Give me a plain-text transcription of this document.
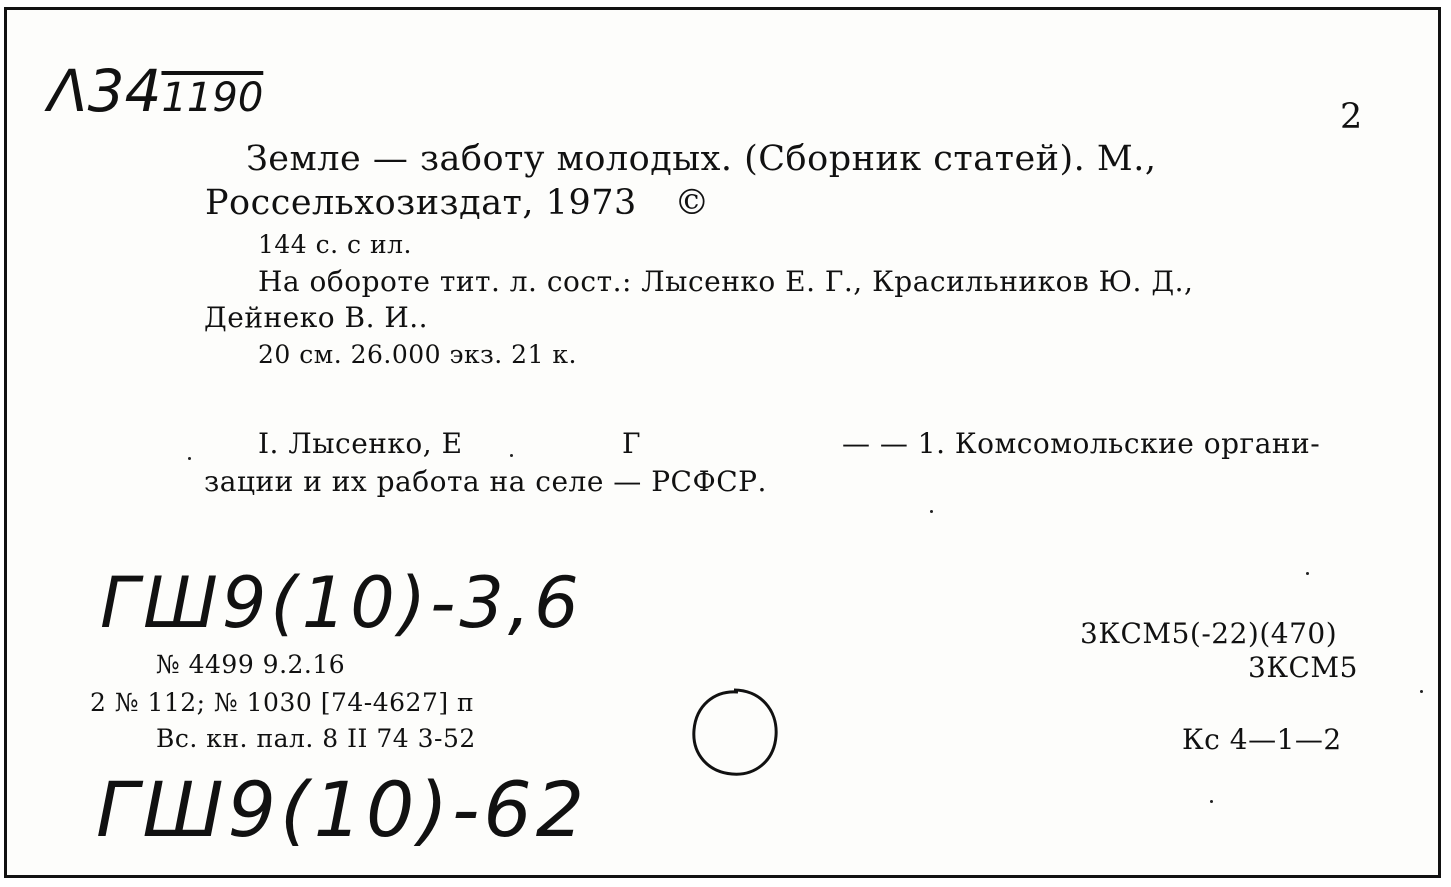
Λ341190	2
Земле — заботу молодых. (Сборник статей). М.,
Россельхозиздат, 1973 ©
144 с. с ил.
На обороте тит. л. сост.: Лысенко Е. Г., Красильников Ю. Д.,
Дейнеко В. И..
20 см. 26.000 экз. 21 к.
I. Лысенко, Е	Г	— — 1. Комсомольские органи-
зации и их работа на селе — РСФСР.
ГШ9(10)-3,6
№ 4499 9.2.16
2 № 112; № 1030 [74-4627] п
Вс. кн. пал. 8 II 74 3-52
3КСМ5(-22)(470)
3КСМ5
Кс 4—1—2
ГШ9(10)-62
